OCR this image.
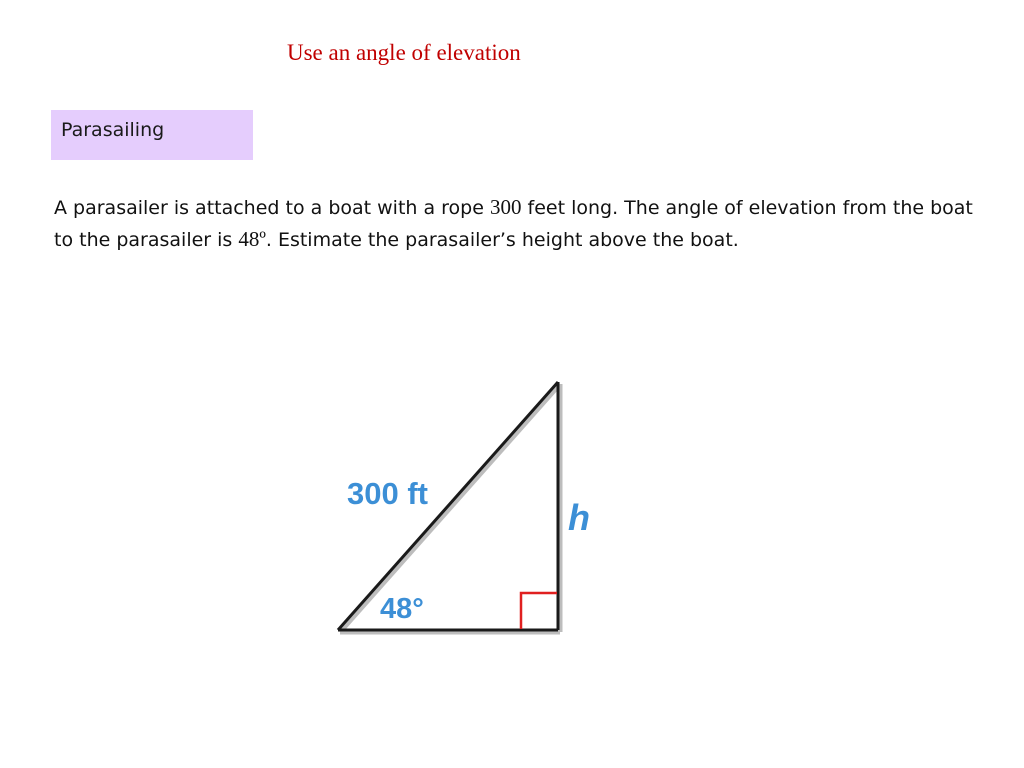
Use an angle of elevation
Parasailing
A parasailer is attached to a boat with a rope 300 feet long. The angle of elevation from the boat to the parasailer is 48º. Estimate the parasailer’s height above the boat.
300 ft
48°
h
